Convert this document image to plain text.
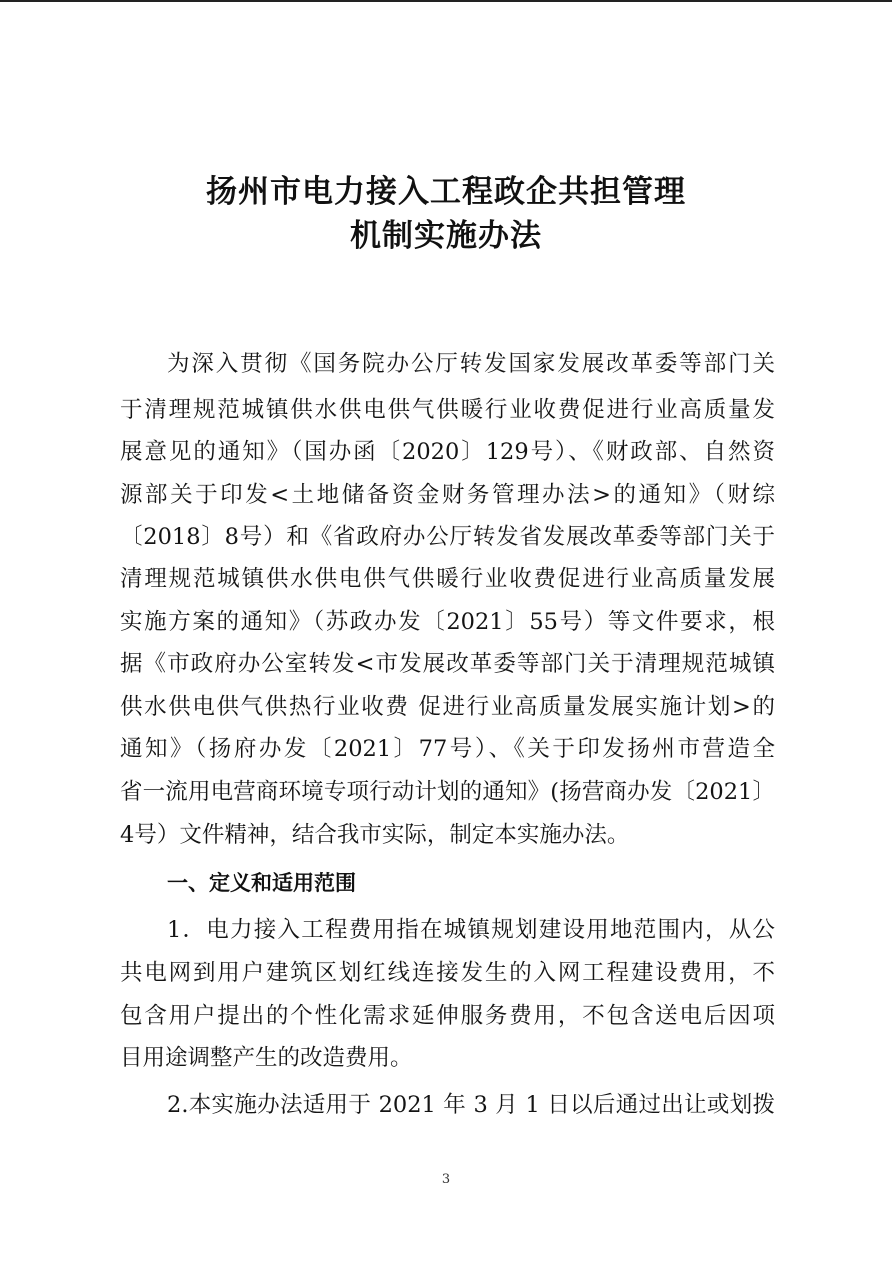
扬州市电力接入工程政企共担管理
机制实施办法
为深入贯彻《国务院办公厅转发国家发展改革委等部门关
于清理规范城镇供水供电供气供暖行业收费促进行业高质量发
展意见的通知》（国办函〔2020〕129号）、《财政部、自然资
源部关于印发<土地储备资金财务管理办法>的通知》（财综
〔2018〕8号）和《省政府办公厅转发省发展改革委等部门关于
清理规范城镇供水供电供气供暖行业收费促进行业高质量发展
实施方案的通知》（苏政办发〔2021〕55号）等文件要求，根
据《市政府办公室转发<市发展改革委等部门关于清理规范城镇
供水供电供气供热行业收费 促进行业高质量发展实施计划>的
通知》（扬府办发〔2021〕77号）、《关于印发扬州市营造全
省一流用电营商环境专项行动计划的通知》(扬营商办发〔2021〕
4号）文件精神，结合我市实际，制定本实施办法。
一、定义和适用范围
1．电力接入工程费用指在城镇规划建设用地范围内，从公
共电网到用户建筑区划红线连接发生的入网工程建设费用，不
包含用户提出的个性化需求延伸服务费用，不包含送电后因项
目用途调整产生的改造费用。
2.本实施办法适用于 2021 年 3 月 1 日以后通过出让或划拨
3
